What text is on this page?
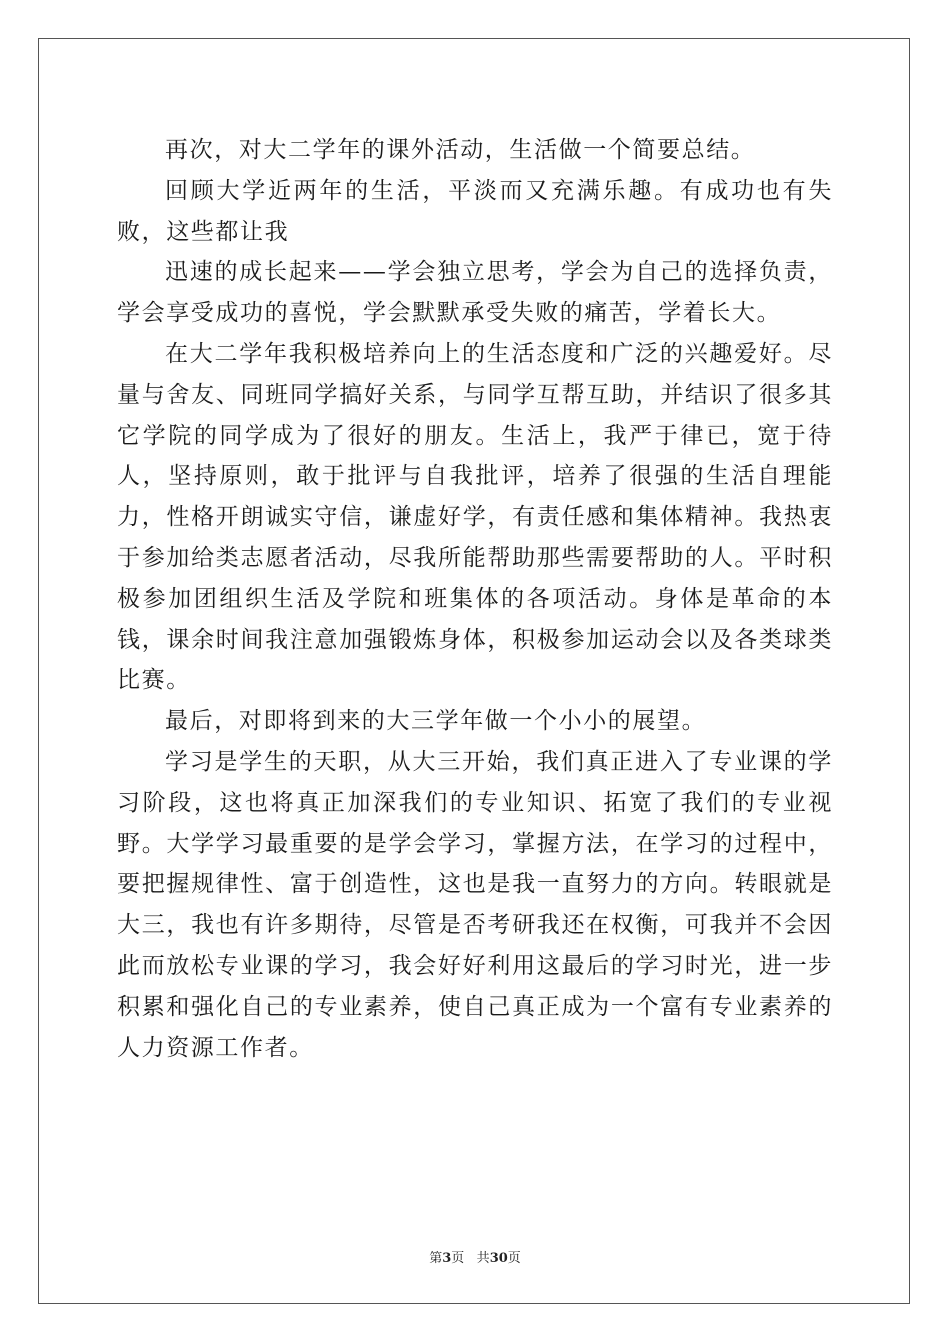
再次，对大二学年的课外活动，生活做一个简要总结。

回顾大学近两年的生活，平淡而又充满乐趣。有成功也有失败，这些都让我

迅速的成长起来——学会独立思考，学会为自己的选择负责，学会享受成功的喜悦，学会默默承受失败的痛苦，学着长大。

在大二学年我积极培养向上的生活态度和广泛的兴趣爱好。尽量与舍友、同班同学搞好关系，与同学互帮互助，并结识了很多其它学院的同学成为了很好的朋友。生活上，我严于律已，宽于待人，坚持原则，敢于批评与自我批评，培养了很强的生活自理能力，性格开朗诚实守信，谦虚好学，有责任感和集体精神。我热衷于参加给类志愿者活动，尽我所能帮助那些需要帮助的人。平时积极参加团组织生活及学院和班集体的各项活动。身体是革命的本钱，课余时间我注意加强锻炼身体，积极参加运动会以及各类球类比赛。

最后，对即将到来的大三学年做一个小小的展望。

学习是学生的天职，从大三开始，我们真正进入了专业课的学习阶段，这也将真正加深我们的专业知识、拓宽了我们的专业视野。大学学习最重要的是学会学习，掌握方法，在学习的过程中，要把握规律性、富于创造性，这也是我一直努力的方向。转眼就是大三，我也有许多期待，尽管是否考研我还在权衡，可我并不会因此而放松专业课的学习，我会好好利用这最后的学习时光，进一步积累和强化自己的专业素养，使自己真正成为一个富有专业素养的人力资源工作者。

第3页 共30页
